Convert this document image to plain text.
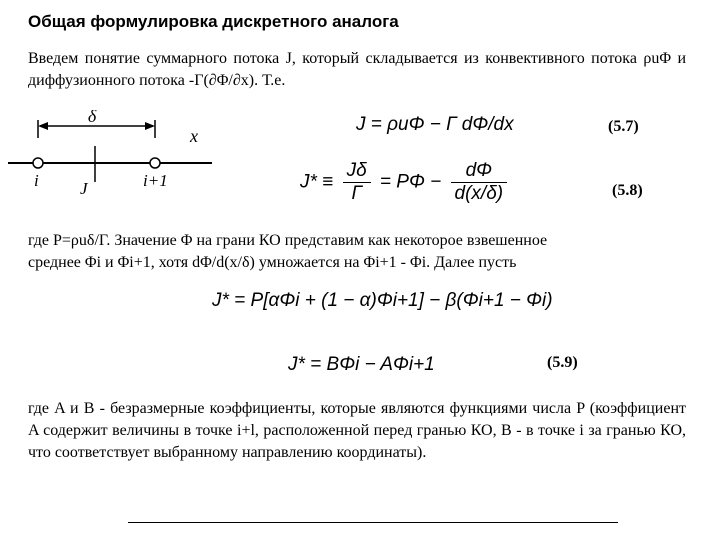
Общая формулировка дискретного аналога
Введем понятие суммарного потока J, который складывается из конвективного потока ρuΦ и диффузионного потока -Г(∂Φ/∂x). Т.е.
δ
x
i J	i+1
J = ρuΦ − Г dΦ/dx	(5.7)
$J* \equiv \frac{J\delta}{Г} = P\Phi - \frac{d\Phi}{d(x/\delta)}$	(5.8)
где P=ρuδ/Г. Значение Φ на грани КО представим как некоторое взвешенное
среднее Φi и Φi+1, хотя dΦ/d(x/δ) умножается на Φi+1 - Φi. Далее пусть
J* = P[αΦi + (1 − α)Φi+1] − β(Φi+1 − Φi)
J* = BΦi − AΦi+1	(5.9)
где A и B - безразмерные коэффициенты, которые являются функциями числа P (коэффициент A содержит величины в точке i+l, расположенной перед гранью КО, B - в точке i за гранью КО, что соответствует выбранному направлению координаты).
